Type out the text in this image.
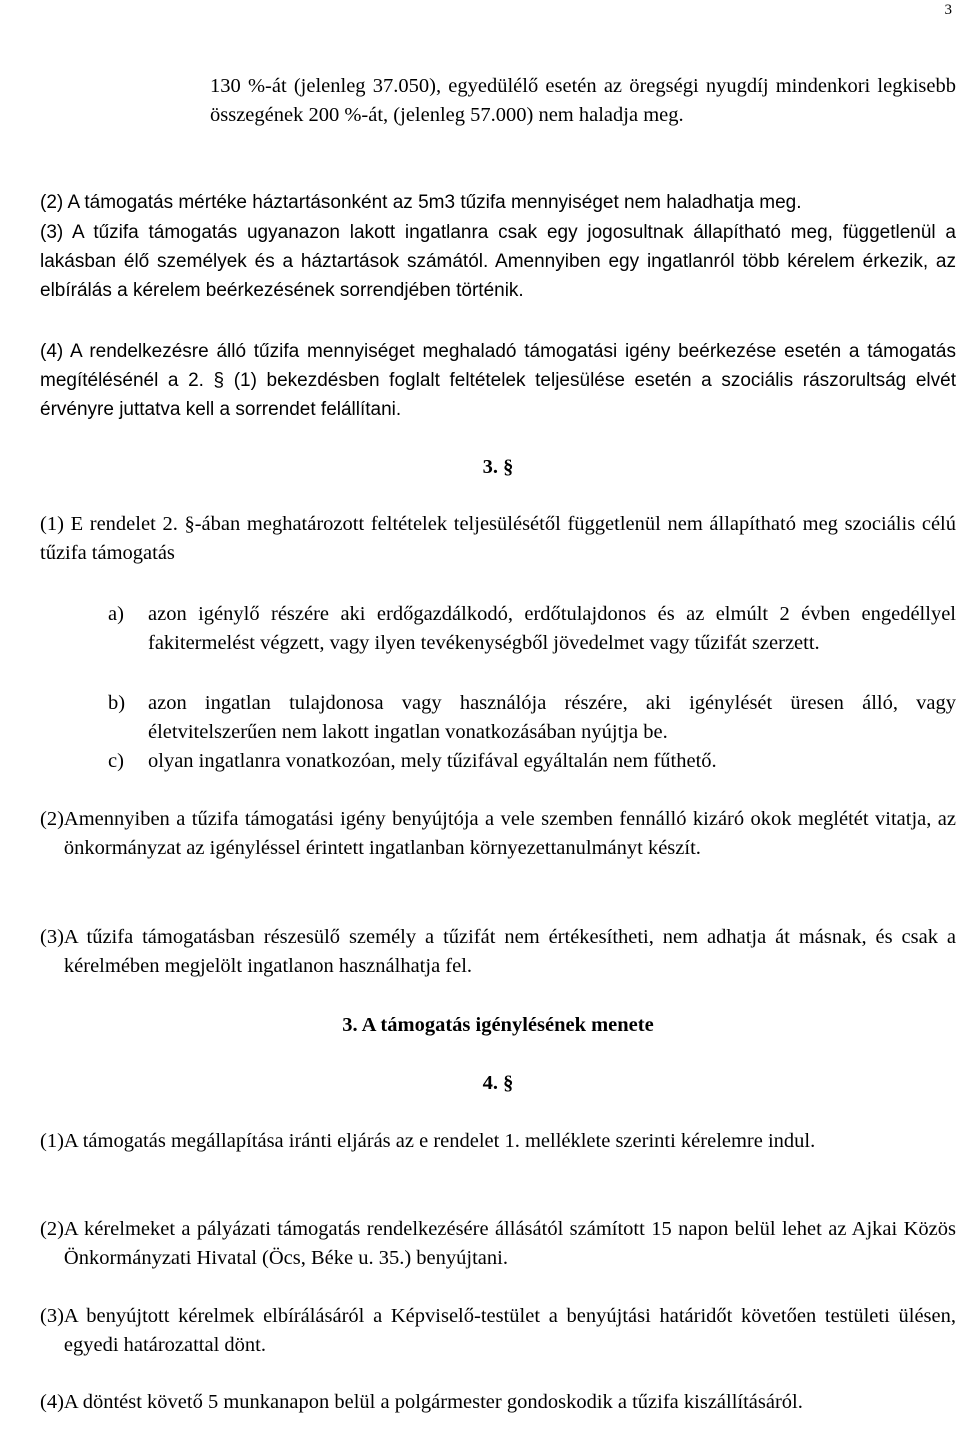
3
130 %-át (jelenleg 37.050), egyedülélő esetén az öregségi nyugdíj mindenkori legkisebb összegének 200 %-át, (jelenleg 57.000) nem haladja meg.
(2) A támogatás mértéke háztartásonként az 5m3 tűzifa mennyiséget nem haladhatja meg.
(3) A tűzifa támogatás ugyanazon lakott ingatlanra csak egy jogosultnak állapítható meg, függetlenül a lakásban élő személyek és a háztartások számától. Amennyiben egy ingatlanról több kérelem érkezik, az elbírálás a kérelem beérkezésének sorrendjében történik.
(4) A rendelkezésre álló tűzifa mennyiséget meghaladó támogatási igény beérkezése esetén a támogatás megítélésénél a 2. § (1) bekezdésben foglalt feltételek teljesülése esetén a szociális rászorultság elvét érvényre juttatva kell a sorrendet felállítani.
3. §
(1) E rendelet 2. §-ában meghatározott feltételek teljesülésétől függetlenül nem állapítható meg szociális célú tűzifa támogatás
a) azon igénylő részére aki erdőgazdálkodó, erdőtulajdonos és az elmúlt 2 évben engedéllyel fakitermelést végzett, vagy ilyen tevékenységből jövedelmet vagy tűzifát szerzett.
b) azon ingatlan tulajdonosa vagy használója részére, aki igénylését üresen álló, vagy életvitelszerűen nem lakott ingatlan vonatkozásában nyújtja be.
c) olyan ingatlanra vonatkozóan, mely tűzifával egyáltalán nem fűthető.
(2) Amennyiben a tűzifa támogatási igény benyújtója a vele szemben fennálló kizáró okok meglétét vitatja, az önkormányzat az igényléssel érintett ingatlanban környezettanulmányt készít.
(3) A tűzifa támogatásban részesülő személy a tűzifát nem értékesítheti, nem adhatja át másnak, és csak a kérelmében megjelölt ingatlanon használhatja fel.
3. A támogatás igénylésének menete
4. §
(1) A támogatás megállapítása iránti eljárás az e rendelet 1. melléklete szerinti kérelemre indul.
(2) A kérelmeket a pályázati támogatás rendelkezésére állásától számított 15 napon belül lehet az Ajkai Közös Önkormányzati Hivatal (Öcs, Béke u. 35.) benyújtani.
(3) A benyújtott kérelmek elbírálásáról a Képviselő-testület a benyújtási határidőt követően testületi ülésen, egyedi határozattal dönt.
(4) A döntést követő 5 munkanapon belül a polgármester gondoskodik a tűzifa kiszállításáról.
